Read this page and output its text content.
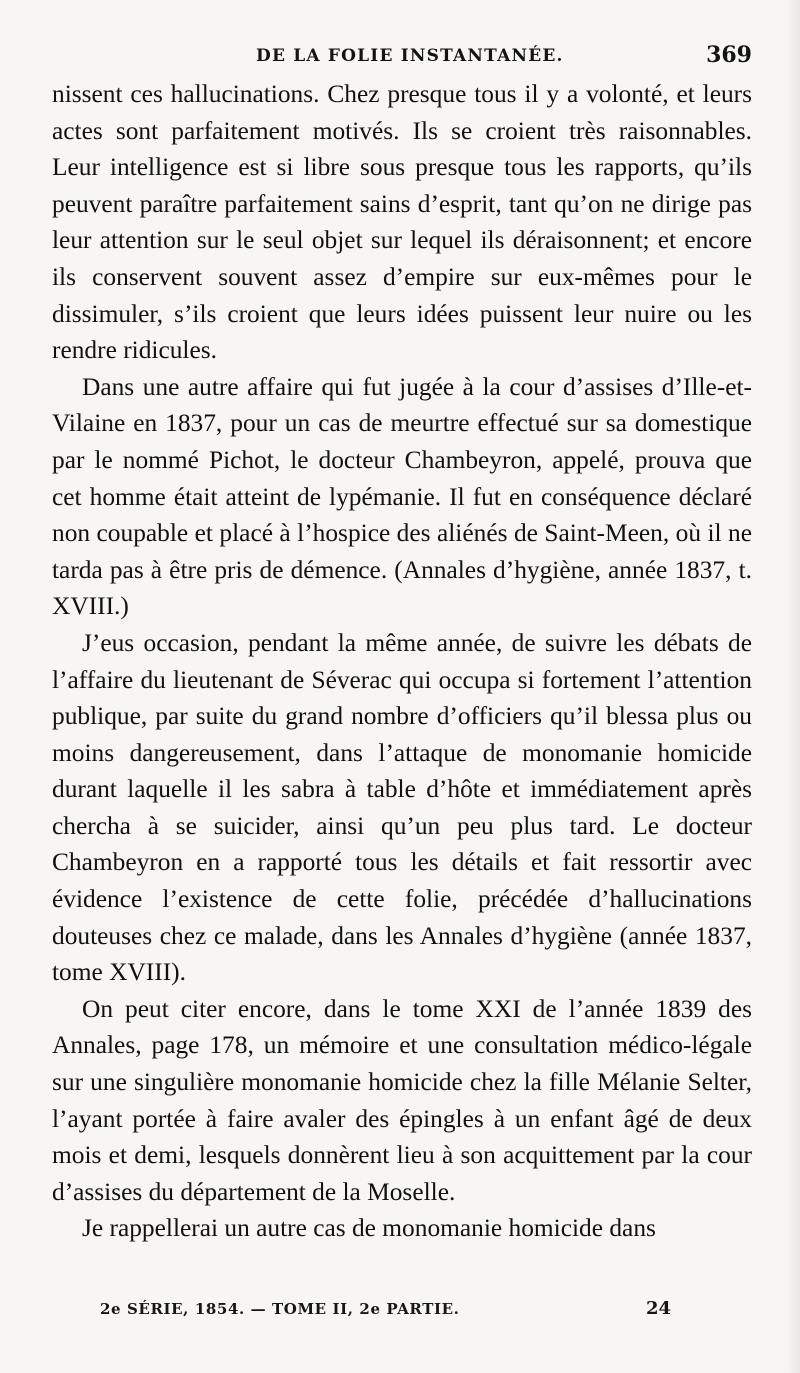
DE LA FOLIE INSTANTANÉE.	369

nissent ces hallucinations. Chez presque tous il y a volonté, et leurs actes sont parfaitement motivés. Ils se croient très raisonnables. Leur intelligence est si libre sous presque tous les rapports, qu’ils peuvent paraître parfaitement sains d’esprit, tant qu’on ne dirige pas leur attention sur le seul objet sur lequel ils déraisonnent; et encore ils conservent souvent assez d’empire sur eux-mêmes pour le dissimuler, s’ils croient que leurs idées puissent leur nuire ou les rendre ridicules.

Dans une autre affaire qui fut jugée à la cour d’assises d’Ille-et-Vilaine en 1837, pour un cas de meurtre effectué sur sa domestique par le nommé Pichot, le docteur Chambeyron, appelé, prouva que cet homme était atteint de lypémanie. Il fut en conséquence déclaré non coupable et placé à l’hospice des aliénés de Saint-Meen, où il ne tarda pas à être pris de démence. (Annales d’hygiène, année 1837, t. XVIII.)

J’eus occasion, pendant la même année, de suivre les débats de l’affaire du lieutenant de Séverac qui occupa si fortement l’attention publique, par suite du grand nombre d’officiers qu’il blessa plus ou moins dangereusement, dans l’attaque de monomanie homicide durant laquelle il les sabra à table d’hôte et immédiatement après chercha à se suicider, ainsi qu’un peu plus tard. Le docteur Chambeyron en a rapporté tous les détails et fait ressortir avec évidence l’existence de cette folie, précédée d’hallucinations douteuses chez ce malade, dans les Annales d’hygiène (année 1837, tome XVIII).

On peut citer encore, dans le tome XXI de l’année 1839 des Annales, page 178, un mémoire et une consultation médico-légale sur une singulière monomanie homicide chez la fille Mélanie Selter, l’ayant portée à faire avaler des épingles à un enfant âgé de deux mois et demi, lesquels donnèrent lieu à son acquittement par la cour d’assises du département de la Moselle.

Je rappellerai un autre cas de monomanie homicide dans

2e SÉRIE, 1854. — TOME II, 2e PARTIE.	24
